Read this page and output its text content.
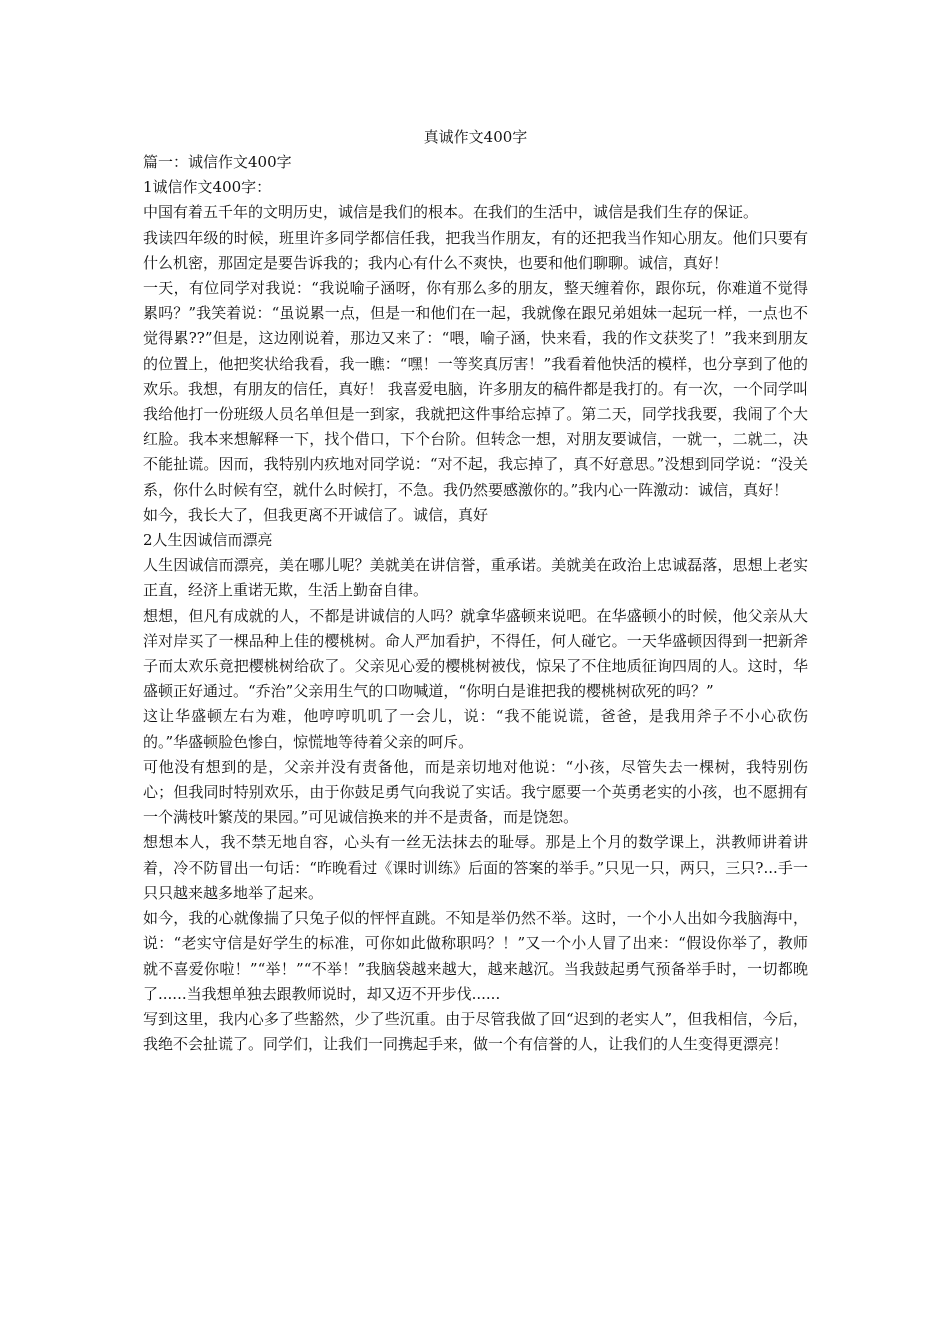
真诚作文400字

篇一：诚信作文400字

1诚信作文400字：

中国有着五千年的文明历史，诚信是我们的根本。在我们的生活中，诚信是我们生存的保证。

我读四年级的时候，班里许多同学都信任我，把我当作朋友，有的还把我当作知心朋友。他们只要有什么机密，那固定是要告诉我的；我内心有什么不爽快，也要和他们聊聊。诚信，真好！

一天，有位同学对我说：“我说喻子涵呀，你有那么多的朋友，整天缠着你，跟你玩，你难道不觉得累吗？”我笑着说：“虽说累一点，但是一和他们在一起，我就像在跟兄弟姐妹一起玩一样，一点也不觉得累??”但是，这边刚说着，那边又来了：“喂，喻子涵，快来看，我的作文获奖了！”我来到朋友的位置上，他把奖状给我看，我一瞧：“嘿！一等奖真厉害！”我看着他快活的模样，也分享到了他的欢乐。我想，有朋友的信任，真好！ 我喜爱电脑，许多朋友的稿件都是我打的。有一次，一个同学叫我给他打一份班级人员名单但是一到家，我就把这件事给忘掉了。第二天，同学找我要，我闹了个大红脸。我本来想解释一下，找个借口，下个台阶。但转念一想，对朋友要诚信，一就一，二就二，决不能扯谎。因而，我特别内疚地对同学说：“对不起，我忘掉了，真不好意思。”没想到同学说：“没关系，你什么时候有空，就什么时候打，不急。我仍然要感激你的。”我内心一阵激动：诚信，真好！

如今，我长大了，但我更离不开诚信了。诚信，真好

2人生因诚信而漂亮

人生因诚信而漂亮，美在哪儿呢？美就美在讲信誉，重承诺。美就美在政治上忠诚磊落，思想上老实正直，经济上重诺无欺，生活上勤奋自律。

想想，但凡有成就的人，不都是讲诚信的人吗？就拿华盛顿来说吧。在华盛顿小的时候，他父亲从大洋对岸买了一棵品种上佳的樱桃树。命人严加看护，不得任，何人碰它。一天华盛顿因得到一把新斧子而太欢乐竟把樱桃树给砍了。父亲见心爱的樱桃树被伐，惊呆了不住地质征询四周的人。这时，华盛顿正好通过。“乔治”父亲用生气的口吻喊道，“你明白是谁把我的樱桃树砍死的吗？”

这让华盛顿左右为难，他哼哼叽叽了一会儿，说：“我不能说谎，爸爸，是我用斧子不小心砍伤的。”华盛顿脸色惨白，惊慌地等待着父亲的呵斥。

可他没有想到的是，父亲并没有责备他，而是亲切地对他说：“小孩，尽管失去一棵树，我特别伤心；但我同时特别欢乐，由于你鼓足勇气向我说了实话。我宁愿要一个英勇老实的小孩，也不愿拥有一个满枝叶繁茂的果园。”可见诚信换来的并不是责备，而是饶恕。

想想本人，我不禁无地自容，心头有一丝无法抹去的耻辱。那是上个月的数学课上，洪教师讲着讲着，冷不防冒出一句话：“昨晚看过《课时训练》后面的答案的举手。”只见一只，两只，三只?...手一只只越来越多地举了起来。

如今，我的心就像揣了只兔子似的怦怦直跳。不知是举仍然不举。这时，一个小人出如今我脑海中，说：“老实守信是好学生的标准，可你如此做称职吗？！”又一个小人冒了出来：“假设你举了，教师就不喜爱你啦！”“举！”“不举！”我脑袋越来越大，越来越沉。当我鼓起勇气预备举手时，一切都晚了......当我想单独去跟教师说时，却又迈不开步伐......

写到这里，我内心多了些豁然，少了些沉重。由于尽管我做了回“迟到的老实人”，但我相信，今后，我绝不会扯谎了。同学们，让我们一同携起手来，做一个有信誉的人，让我们的人生变得更漂亮！
